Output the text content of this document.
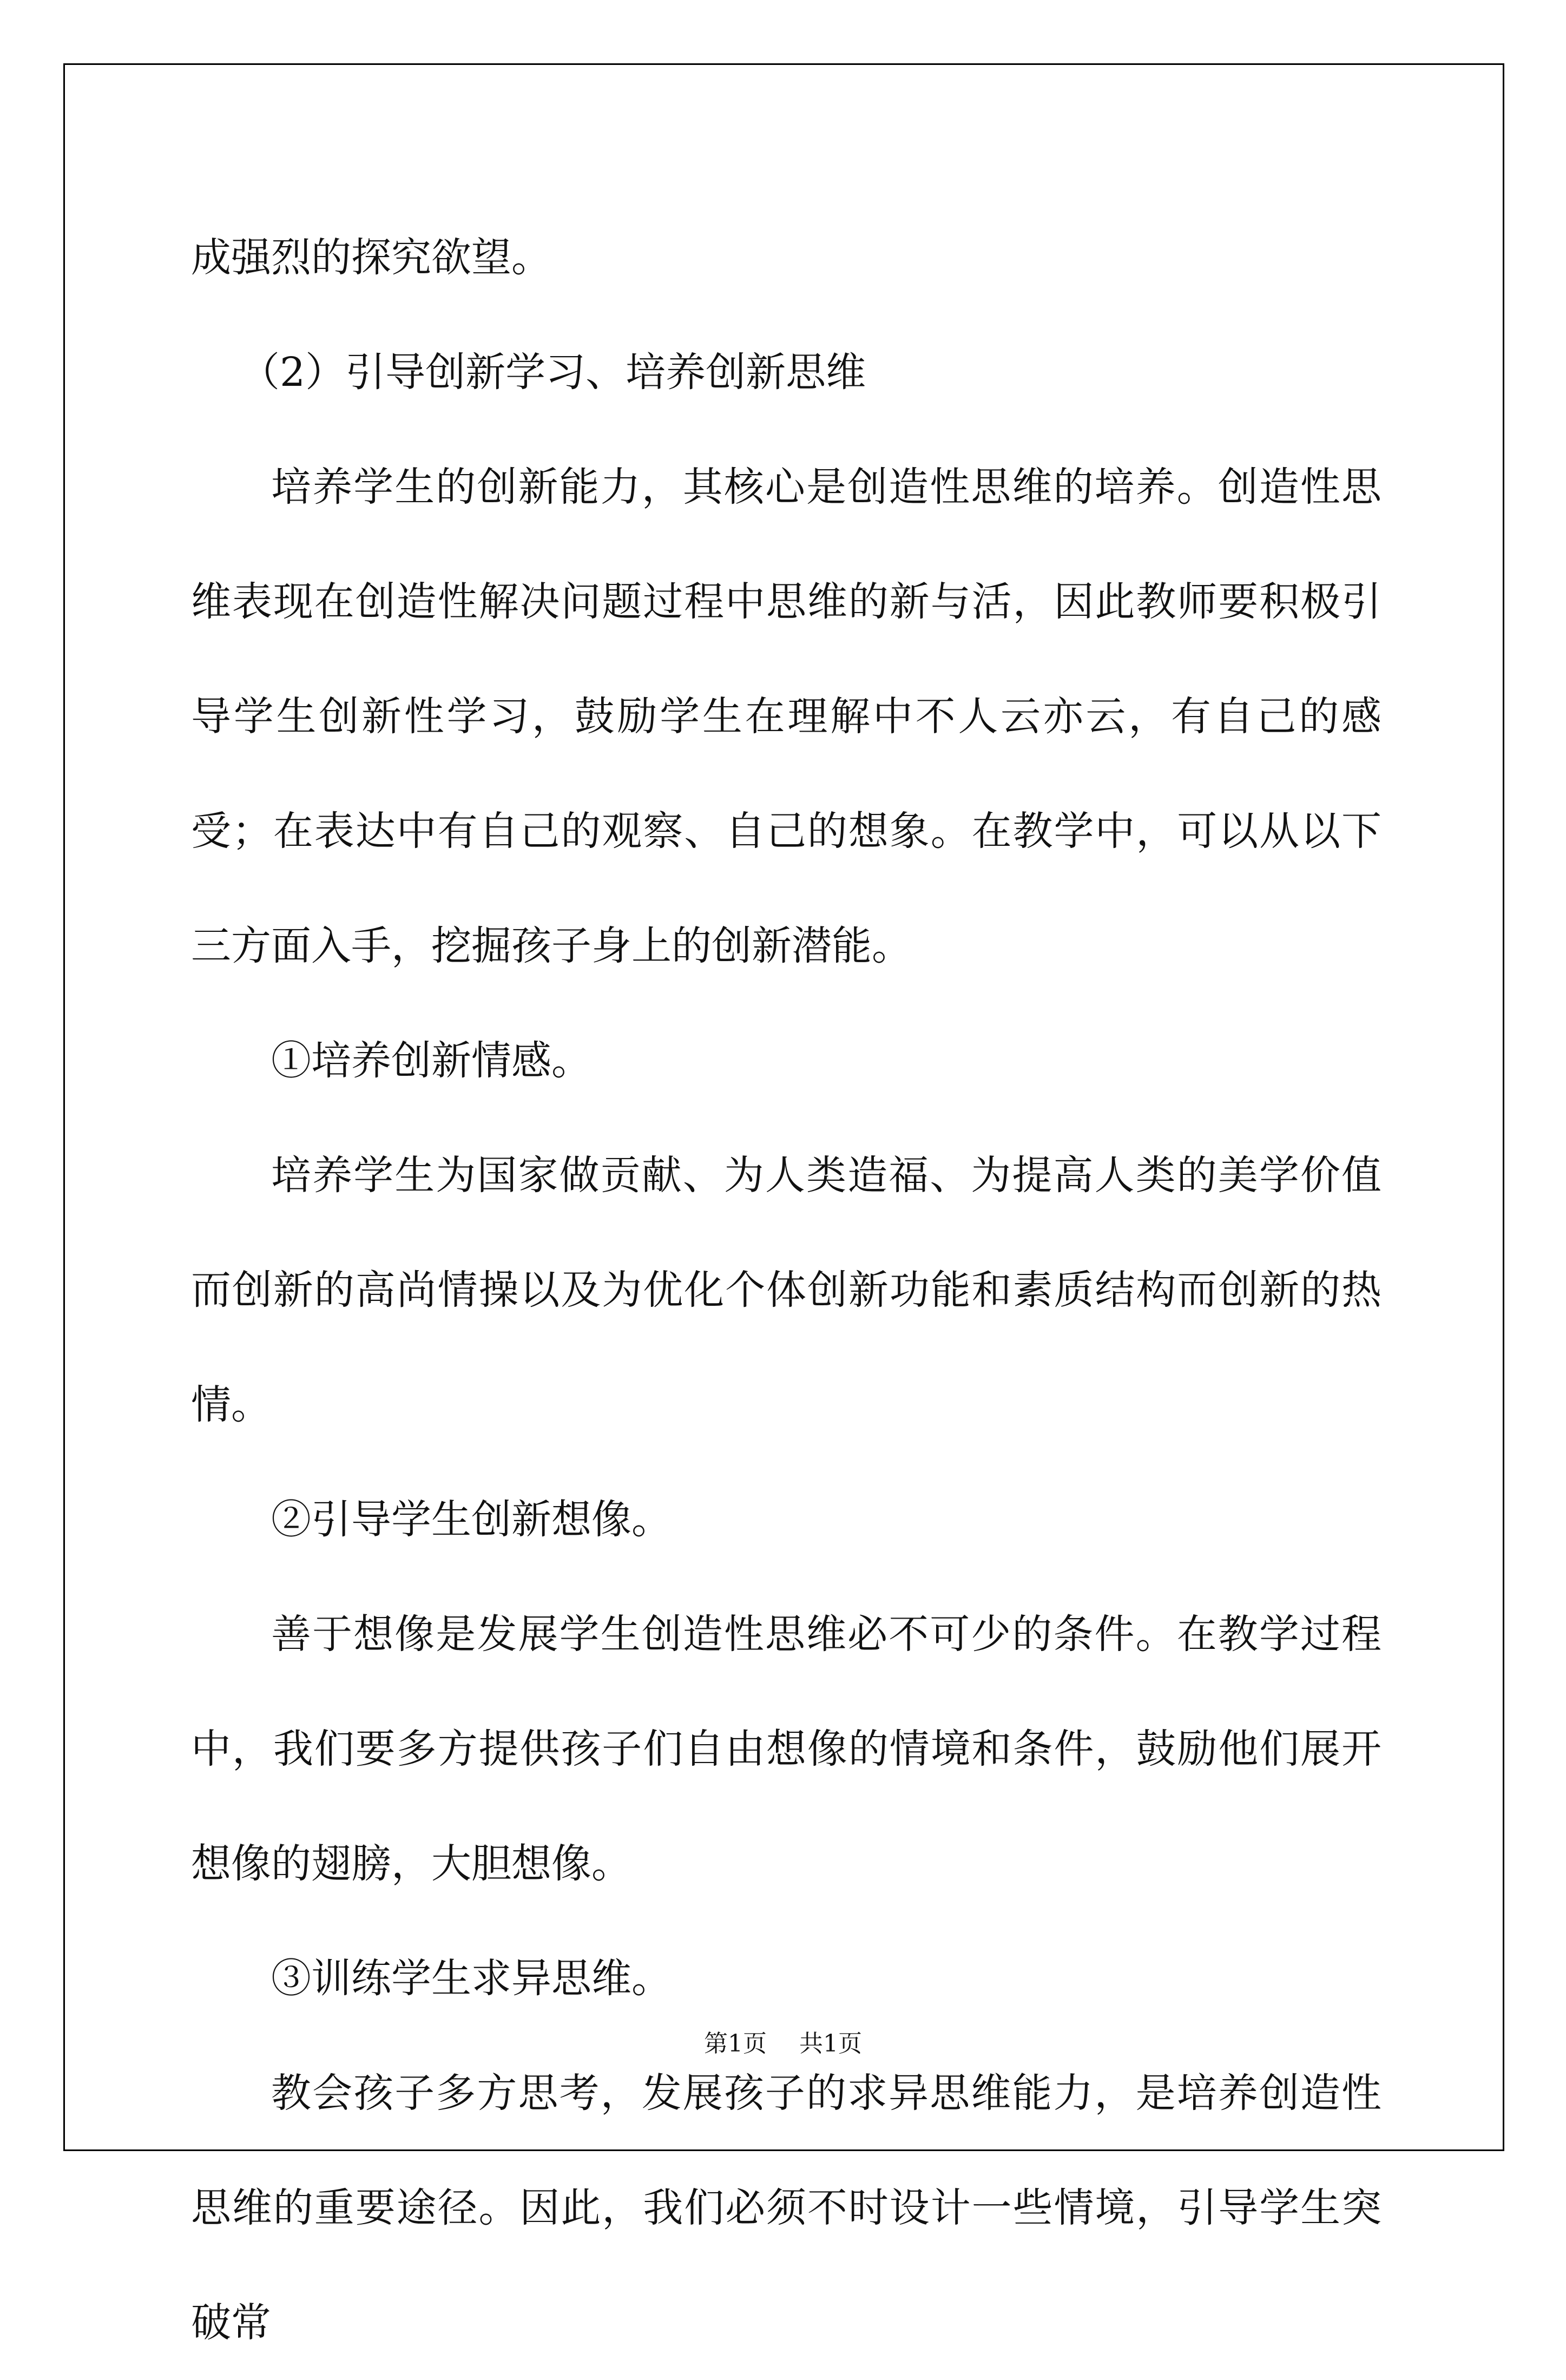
成强烈的探究欲望。

（2）引导创新学习、培养创新思维

培养学生的创新能力，其核心是创造性思维的培养。创造性思维表现在创造性解决问题过程中思维的新与活，因此教师要积极引导学生创新性学习，鼓励学生在理解中不人云亦云，有自己的感受；在表达中有自己的观察、自己的想象。在教学中，可以从以下三方面入手，挖掘孩子身上的创新潜能。

①培养创新情感。

培养学生为国家做贡献、为人类造福、为提高人类的美学价值而创新的高尚情操以及为优化个体创新功能和素质结构而创新的热情。

②引导学生创新想像。

善于想像是发展学生创造性思维必不可少的条件。在教学过程中，我们要多方提供孩子们自由想像的情境和条件，鼓励他们展开想像的翅膀，大胆想像。

③训练学生求异思维。

教会孩子多方思考，发展孩子的求异思维能力，是培养创造性思维的重要途径。因此，我们必须不时设计一些情境，引导学生突破常

第1页 共1页
